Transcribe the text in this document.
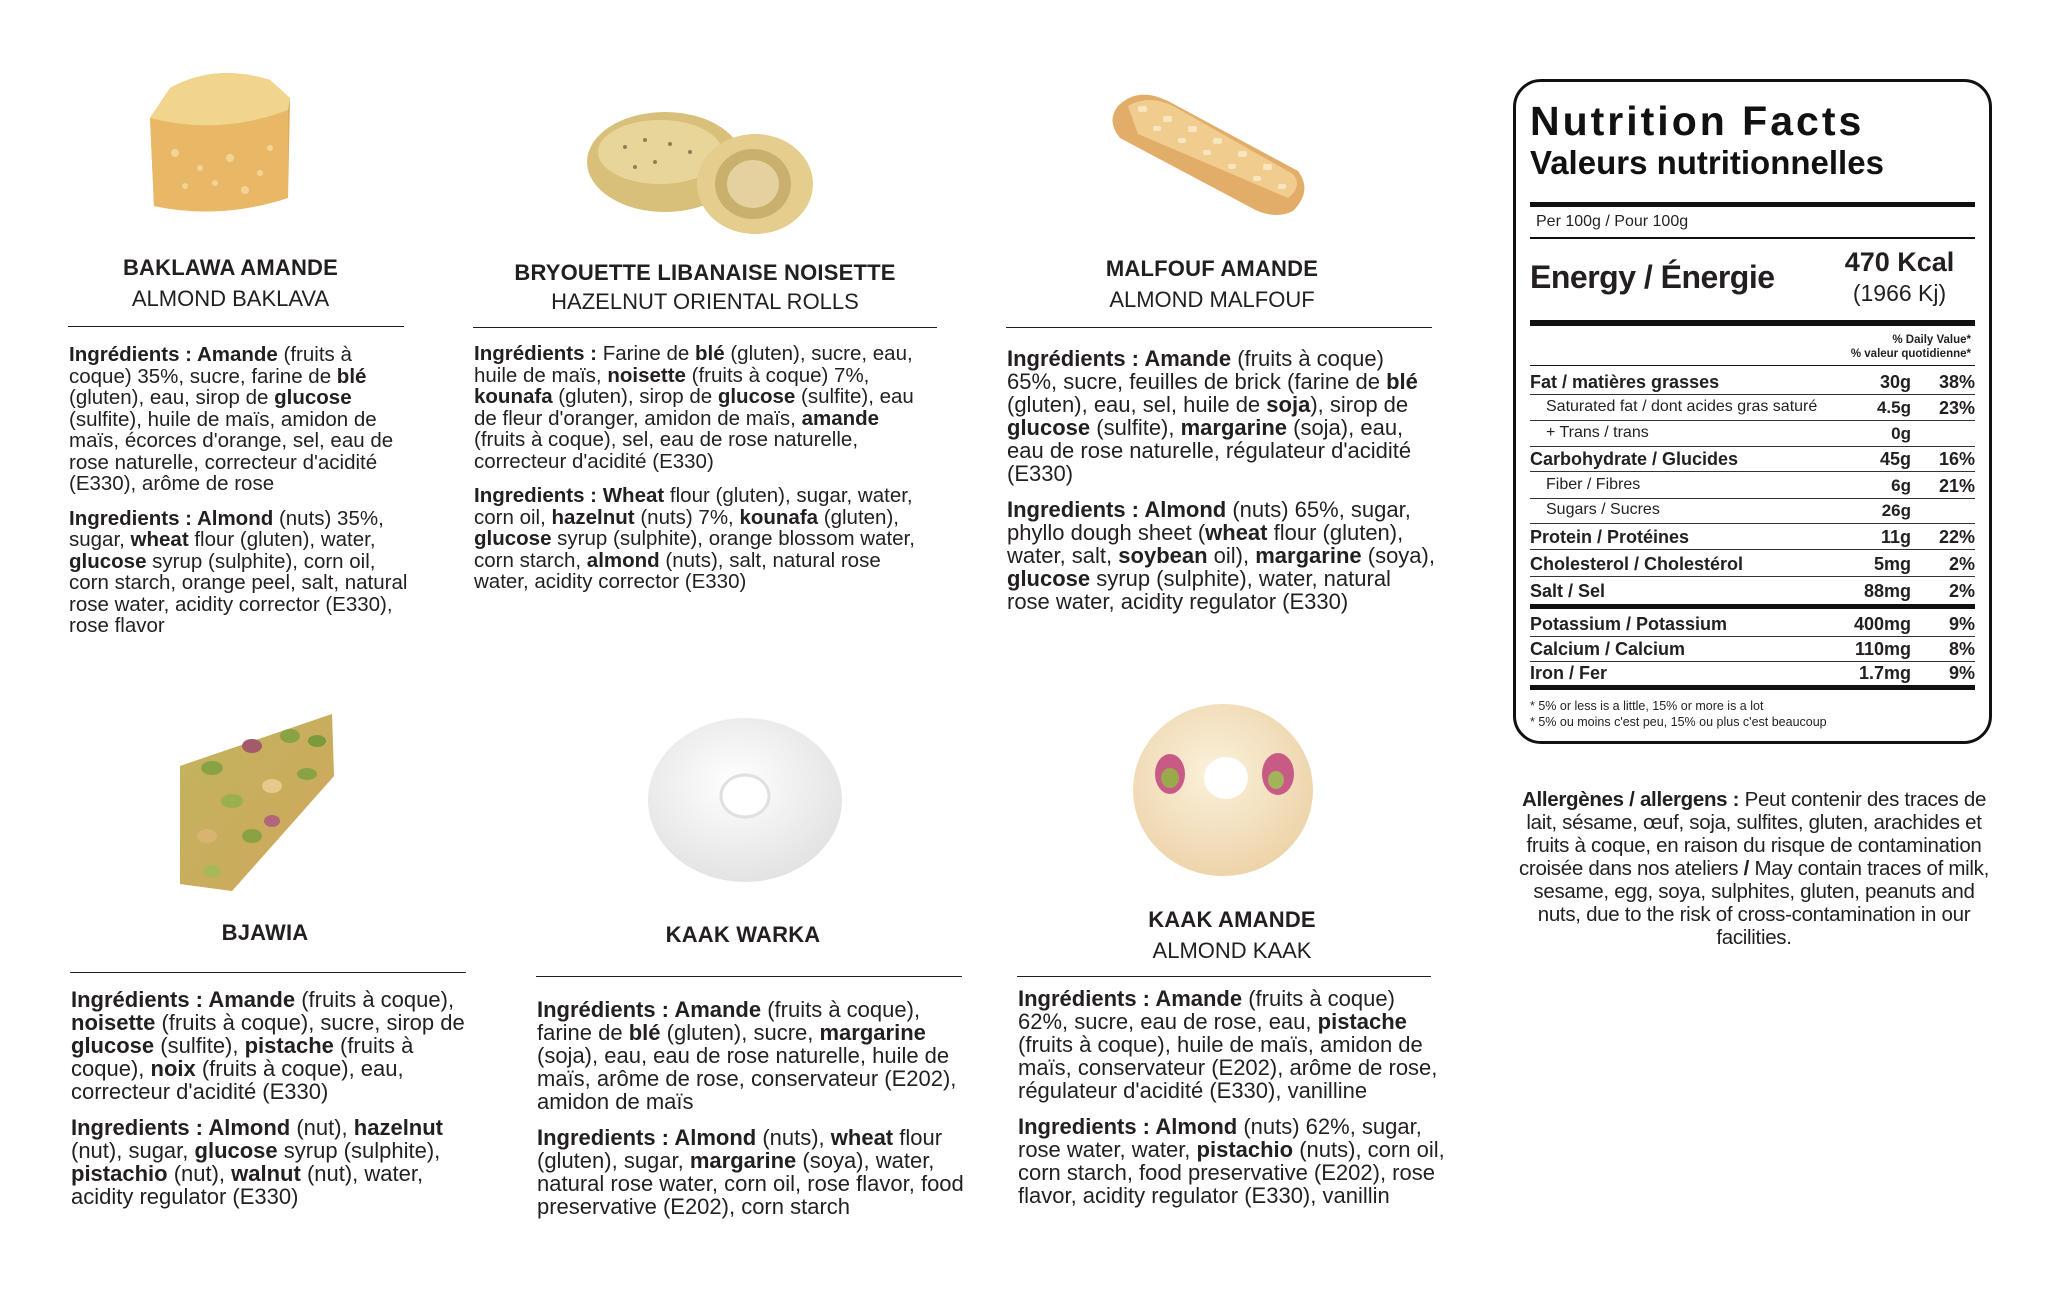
BAKLAWA AMANDE
ALMOND BAKLAVA

Ingrédients : Amande (fruits à coque) 35%, sucre, farine de blé (gluten), eau, sirop de glucose (sulfite), huile de maïs, amidon de maïs, écorces d'orange, sel, eau de rose naturelle, correcteur d'acidité (E330), arôme de rose

Ingredients : Almond (nuts) 35%, sugar, wheat flour (gluten), water, glucose syrup (sulphite), corn oil, corn starch, orange peel, salt, natural rose water, acidity corrector (E330), rose flavor

BRYOUETTE LIBANAISE NOISETTE
HAZELNUT ORIENTAL ROLLS

Ingrédients : Farine de blé (gluten), sucre, eau, huile de maïs, noisette (fruits à coque) 7%, kounafa (gluten), sirop de glucose (sulfite), eau de fleur d'oranger, amidon de maïs, amande (fruits à coque), sel, eau de rose naturelle, correcteur d'acidité (E330)

Ingredients : Wheat flour (gluten), sugar, water, corn oil, hazelnut (nuts) 7%, kounafa (gluten), glucose syrup (sulphite), orange blossom water, corn starch, almond (nuts), salt, natural rose water, acidity corrector (E330)

MALFOUF AMANDE
ALMOND MALFOUF

Ingrédients : Amande (fruits à coque) 65%, sucre, feuilles de brick (farine de blé (gluten), eau, sel, huile de soja), sirop de glucose (sulfite), margarine (soja), eau, eau de rose naturelle, régulateur d'acidité (E330)

Ingredients : Almond (nuts) 65%, sugar, phyllo dough sheet (wheat flour (gluten), water, salt, soybean oil), margarine (soya), glucose syrup (sulphite), water, natural rose water, acidity regulator (E330)

BJAWIA

Ingrédients : Amande (fruits à coque), noisette (fruits à coque), sucre, sirop de glucose (sulfite), pistache (fruits à coque), noix (fruits à coque), eau, correcteur d'acidité (E330)

Ingredients : Almond (nut), hazelnut (nut), sugar, glucose syrup (sulphite), pistachio (nut), walnut (nut), water, acidity regulator (E330)

KAAK WARKA

Ingrédients : Amande (fruits à coque), farine de blé (gluten), sucre, margarine (soja), eau, eau de rose naturelle, huile de maïs, arôme de rose, conservateur (E202), amidon de maïs

Ingredients : Almond (nuts), wheat flour (gluten), sugar, margarine (soya), water, natural rose water, corn oil, rose flavor, food preservative (E202), corn starch

KAAK AMANDE
ALMOND KAAK

Ingrédients : Amande (fruits à coque) 62%, sucre, eau de rose, eau, pistache (fruits à coque), huile de maïs, amidon de maïs, conservateur (E202), arôme de rose, régulateur d'acidité (E330), vanilline

Ingredients : Almond (nuts) 62%, sugar, rose water, water, pistachio (nuts), corn oil, corn starch, food preservative (E202), rose flavor, acidity regulator (E330), vanillin

Nutrition Facts
Valeurs nutritionnelles
Per 100g / Pour 100g
Energy / Énergie	470 Kcal
(1966 Kj)
% Daily Value*
% valeur quotidienne*
Fat / matières grasses	30g 38%
Saturated fat / dont acides gras saturé	4.5g 23%
+ Trans / trans	0g
Carbohydrate / Glucides	45g 16%
Fiber / Fibres	6g 21%
Sugars / Sucres	26g
Protein / Protéines	11g 22%
Cholesterol / Cholestérol	5mg 2%
Salt / Sel	88mg 2%
Potassium / Potassium	400mg 9%
Calcium / Calcium	110mg 8%
Iron / Fer	1.7mg 9%
* 5% or less is a little, 15% or more is a lot
* 5% ou moins c'est peu, 15% ou plus c'est beaucoup
Allergènes / allergens : Peut contenir des traces de lait, sésame, œuf, soja, sulfites, gluten, arachides et fruits à coque, en raison du risque de contamination croisée dans nos ateliers / May contain traces of milk, sesame, egg, soya, sulphites, gluten, peanuts and nuts, due to the risk of cross-contamination in our facilities.
